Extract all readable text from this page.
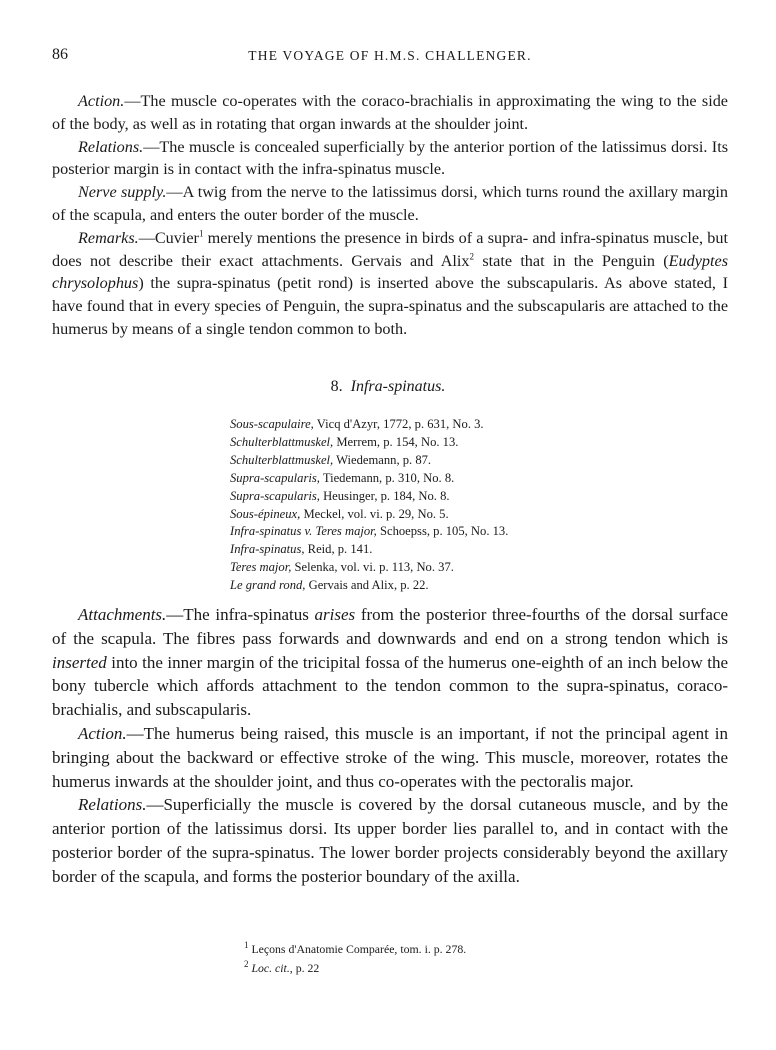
86	THE VOYAGE OF H.M.S. CHALLENGER.

Action.—The muscle co-operates with the coraco-brachialis in approximating the wing to the side of the body, as well as in rotating that organ inwards at the shoulder joint.

Relations.—The muscle is concealed superficially by the anterior portion of the latissimus dorsi. Its posterior margin is in contact with the infra-spinatus muscle.

Nerve supply.—A twig from the nerve to the latissimus dorsi, which turns round the axillary margin of the scapula, and enters the outer border of the muscle.

Remarks.—Cuvier$^1$ merely mentions the presence in birds of a supra- and infra-spinatus muscle, but does not describe their exact attachments. Gervais and Alix$^2$ state that in the Penguin (Eudyptes chrysolophus) the supra-spinatus (petit rond) is inserted above the subscapularis. As above stated, I have found that in every species of Penguin, the supra-spinatus and the subscapularis are attached to the humerus by means of a single tendon common to both.

8. Infra-spinatus.
Sous-scapulaire, Vicq d'Azyr, 1772, p. 631, No. 3.
Schulterblattmuskel, Merrem, p. 154, No. 13.
Schulterblattmuskel, Wiedemann, p. 87.
Supra-scapularis, Tiedemann, p. 310, No. 8.
Supra-scapularis, Heusinger, p. 184, No. 8.
Sous-épineux, Meckel, vol. vi. p. 29, No. 5.
Infra-spinatus v. Teres major, Schoepss, p. 105, No. 13.
Infra-spinatus, Reid, p. 141.
Teres major, Selenka, vol. vi. p. 113, No. 37.
Le grand rond, Gervais and Alix, p. 22.

Attachments.—The infra-spinatus arises from the posterior three-fourths of the dorsal surface of the scapula. The fibres pass forwards and downwards and end on a strong tendon which is inserted into the inner margin of the tricipital fossa of the humerus one-eighth of an inch below the bony tubercle which affords attachment to the tendon common to the supra-spinatus, coraco-brachialis, and subscapularis.

Action.—The humerus being raised, this muscle is an important, if not the principal agent in bringing about the backward or effective stroke of the wing. This muscle, moreover, rotates the humerus inwards at the shoulder joint, and thus co-operates with the pectoralis major.

Relations.—Superficially the muscle is covered by the dorsal cutaneous muscle, and by the anterior portion of the latissimus dorsi. Its upper border lies parallel to, and in contact with the posterior border of the supra-spinatus. The lower border projects considerably beyond the axillary border of the scapula, and forms the posterior boundary of the axilla.

$^1$ Leçons d'Anatomie Comparée, tom. i. p. 278.
$^2$ Loc. cit., p. 22
